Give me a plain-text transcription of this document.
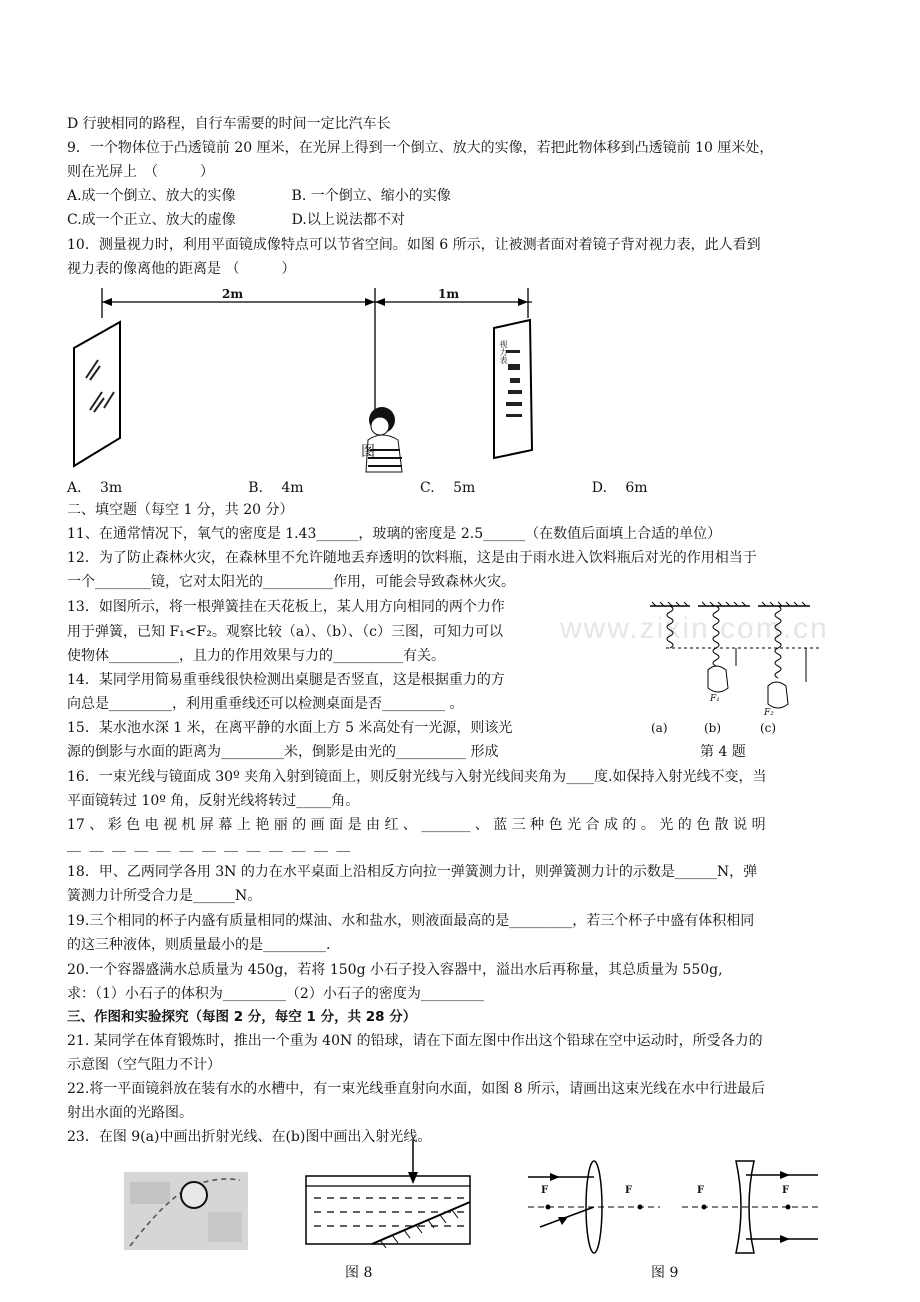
D 行驶相同的路程，自行车需要的时间一定比汽车长
9．一个物体位于凸透镜前 20 厘米，在光屏上得到一个倒立、放大的实像，若把此物体移到凸透镜前 10 厘米处，
则在光屏上　（　　　）
A.成一个倒立、放大的实像　　　　B. 一个倒立、缩小的实像
C.成一个正立、放大的虚像　　　　D.以上说法都不对
10．测量视力时，利用平面镜成像特点可以节省空间。如图 6 所示，让被测者面对着镜子背对视力表，此人看到
视力表的像离他的距离是 （　　　）
2m	1m
视力表
图
A.　 3m　　　　　　　　　B.　 4m　　　　　　　　 C.　 5m　　　　　　　　 D.　 6m
二、填空题（每空 1 分，共 20 分）
11、在通常情况下，氧气的密度是 1.43______，玻璃的密度是 2.5______（在数值后面填上合适的单位）
12．为了防止森林火灾，在森林里不允许随地丢弃透明的饮料瓶，这是由于雨水进入饮料瓶后对光的作用相当于
一个________镜，它对太阳光的__________作用，可能会导致森林火灾。
13．如图所示，将一根弹簧挂在天花板上，某人用方向相同的两个力作
用于弹簧，已知 F₁<F₂。观察比较（a）、（b）、（c）三图，可知力可以
使物体__________，且力的作用效果与力的__________有关。
14．某同学用简易重垂线很快检测出桌腿是否竖直，这是根据重力的方
向总是_________，利用重垂线还可以检测桌面是否_________ 。
15．某水池水深 1 米，在离平静的水面上方 5 米高处有一光源，则该光
源的倒影与水面的距离为_________米，倒影是由光的__________ 形成
www.zixin.com.cn
F₁
F₂
(a)	(b)	(c)
第 4 题
16．一束光线与镜面成 30º 夹角入射到镜面上，则反射光线与入射光线间夹角为____度.如保持入射光线不变，当
平面镜转过 10º 角，反射光线将转过_____角。
17 、 彩 色 电 视 机 屏 幕 上 艳 丽 的 画 面 是 由 红 、 _______ 、 蓝 三 种 色 光 合 成 的 。 光 的 色 散 说 明
＿ ＿ ＿ ＿ ＿ ＿ ＿ ＿ ＿ ＿ ＿ ＿ ＿
18．甲、乙两同学各用 3N 的力在水平桌面上沿相反方向拉一弹簧测力计，则弹簧测力计的示数是______N，弹
簧测力计所受合力是______N。
19.三个相同的杯子内盛有质量相同的煤油、水和盐水，则液面最高的是_________，若三个杯子中盛有体积相同
的这三种液体，则质量最小的是_________.
20.一个容器盛满水总质量为 450g，若将 150g 小石子投入容器中，溢出水后再称量，其总质量为 550g,
求：（1）小石子的体积为_________（2）小石子的密度为_________
三、作图和实验探究（每图 2 分，每空 1 分，共 28 分）
21. 某同学在体育锻炼时，推出一个重为 40N 的铅球，请在下面左图中作出这个铅球在空中运动时，所受各力的
示意图（空气阻力不计）
22.将一平面镜斜放在装有水的水槽中，有一束光线垂直射向水面，如图 8 所示，请画出这束光线在水中行进最后
射出水面的光路图。
23．在图 9(a)中画出折射光线、在(b)图中画出入射光线。
图 8
F	F	F	F
图 9
